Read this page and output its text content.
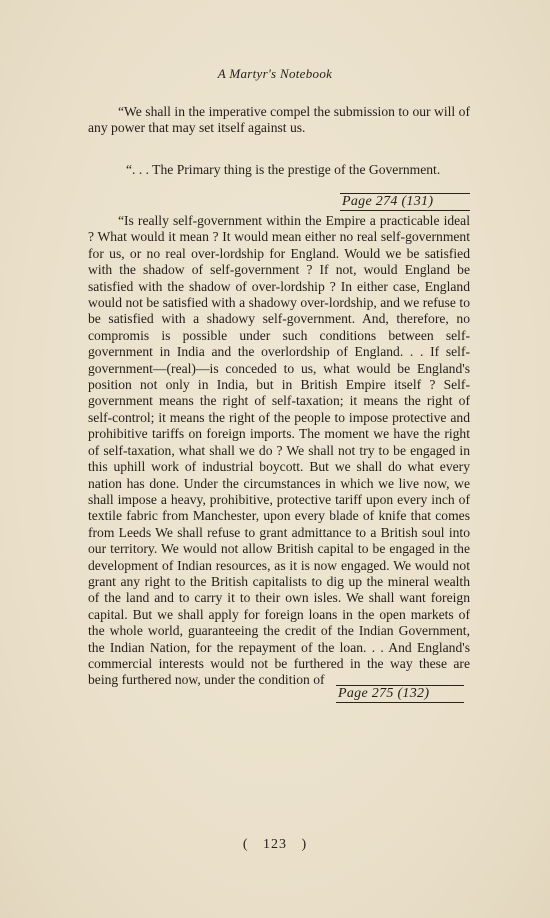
A Martyr's Notebook
“We shall in the imperative compel the submission to our will of any power that may set itself against us.
“. . . The Primary thing is the prestige of the Government.
Page 274 (131)
“Is really self-government within the Empire a practicable ideal ? What would it mean ? It would mean either no real self-government for us, or no real over-lordship for England. Would we be satisfied with the shadow of self-government ? If not, would England be satisfied with the shadow of over-lordship ? In either case, England would not be satisfied with a shadowy over-lordship, and we refuse to be satisfied with a shadowy self-government. And, therefore, no compromis is possible under such conditions between self-government in India and the overlordship of England. . . If self-government—(real)—is conceded to us, what would be England's position not only in India, but in British Empire itself ? Self-government means the right of self-taxation; it means the right of self-control; it means the right of the people to impose protective and prohibitive tariffs on foreign imports. The moment we have the right of self-taxation, what shall we do ? We shall not try to be engaged in this uphill work of industrial boycott. But we shall do what every nation has done. Under the circumstances in which we live now, we shall impose a heavy, prohibitive, protective tariff upon every inch of textile fabric from Manchester, upon every blade of knife that comes from Leeds We shall refuse to grant admittance to a British soul into our territory. We would not allow British capital to be engaged in the development of Indian resources, as it is now engaged. We would not grant any right to the British capitalists to dig up the mineral wealth of the land and to carry it to their own isles. We shall want foreign capital. But we shall apply for foreign loans in the open markets of the whole world, guaranteeing the credit of the Indian Government, the Indian Nation, for the repayment of the loan. . . And England's commercial interests would not be furthered in the way these are being furthered now, under the condition of
Page 275 (132)
( 123 )
